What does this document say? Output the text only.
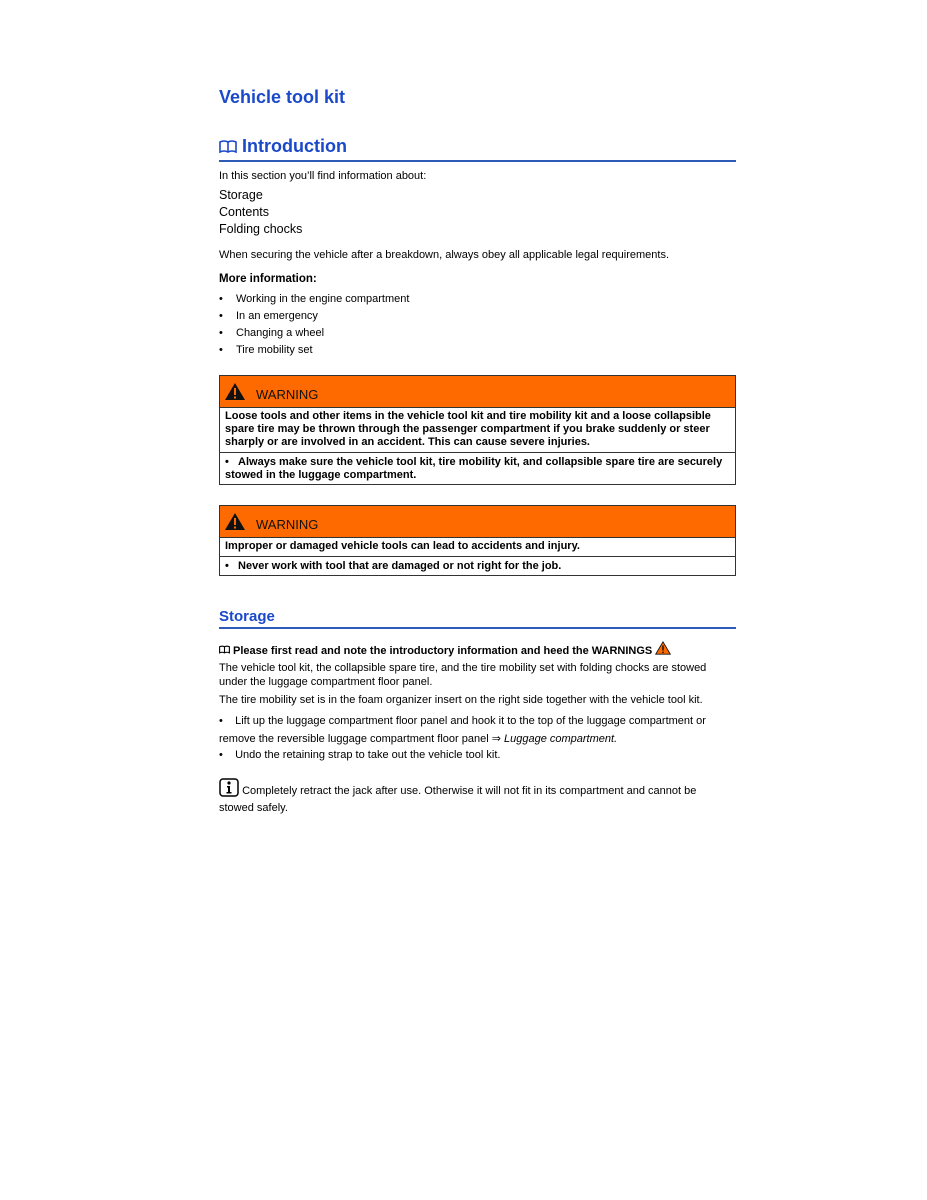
Vehicle tool kit
Introduction
In this section you’ll find information about:
Storage
Contents
Folding chocks
When securing the vehicle after a breakdown, always obey all applicable legal requirements.
More information:
• Working in the engine compartment
• In an emergency
• Changing a wheel
• Tire mobility set
WARNING
Loose tools and other items in the vehicle tool kit and tire mobility kit and a loose collapsible spare tire may be thrown through the passenger compartment if you brake suddenly or steer sharply or are involved in an accident. This can cause severe injuries.
•   Always make sure the vehicle tool kit, tire mobility kit, and collapsible spare tire are securely stowed in the luggage compartment.
WARNING
Improper or damaged vehicle tools can lead to accidents and injury.
•   Never work with tool that are damaged or not right for the job.
Storage
Please first read and note the introductory information and heed the WARNINGS
The vehicle tool kit, the collapsible spare tire, and the tire mobility set with folding chocks are stowed under the luggage compartment floor panel.
The tire mobility set is in the foam organizer insert on the right side together with the vehicle tool kit.
•    Lift up the luggage compartment floor panel and hook it to the top of the luggage compartment or
remove the reversible luggage compartment floor panel ⇒ Luggage compartment.
•    Undo the retaining strap to take out the vehicle tool kit.
Completely retract the jack after use. Otherwise it will not fit in its compartment and cannot be stowed safely.
